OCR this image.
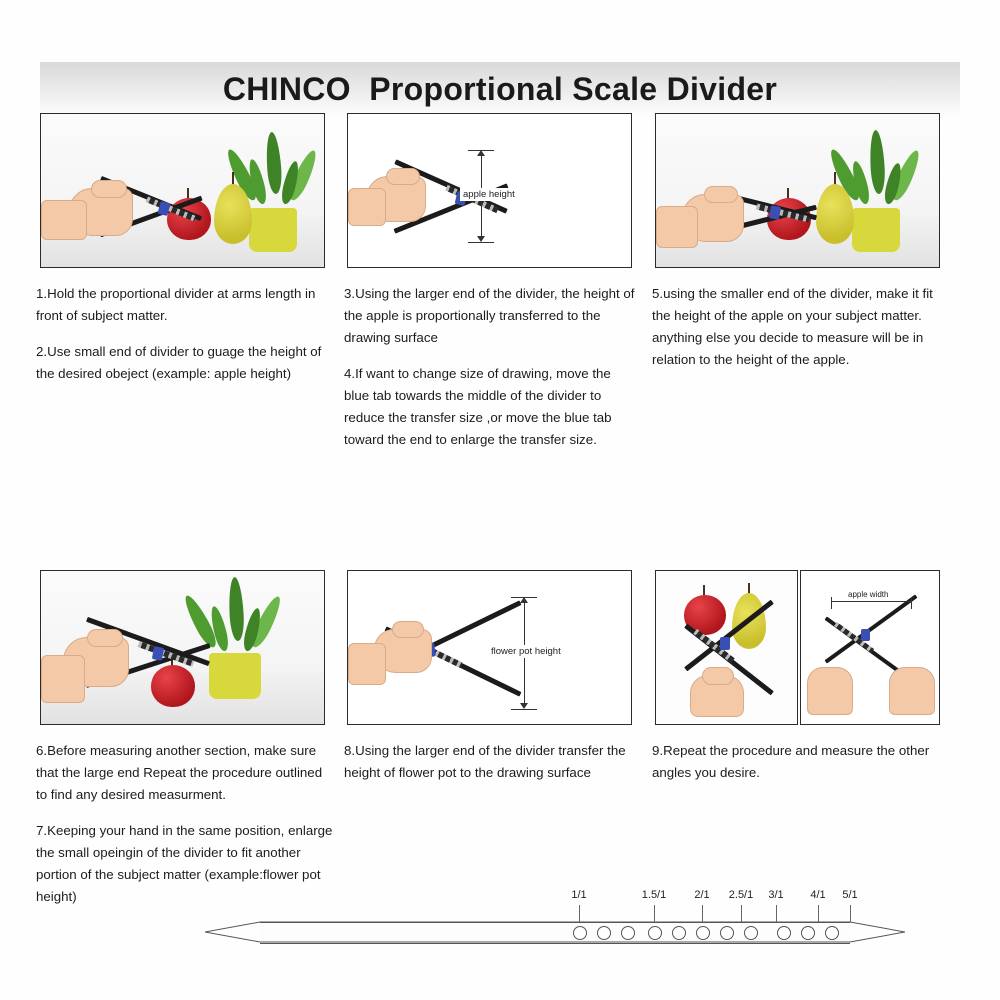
CHINCO  Proportional Scale Divider

1.Hold the proportional divider at arms length in front of subject matter.

2.Use small end of divider to guage the height of the desired obeject (example: apple height)

apple height

3.Using the larger end of the divider, the height of the apple is proportionally transferred to the drawing surface

4.If want to change size of drawing, move the blue tab towards the middle of the divider to reduce the transfer size ,or move the blue tab toward the end to enlarge the transfer size.

5.using the smaller end of the divider, make it fit the height of the apple on your subject matter. anything else you decide to measure will be in relation to the height of the apple.

6.Before measuring another section, make sure that the large end Repeat the procedure outlined to find any desired measurment.

7.Keeping your hand in the same position, enlarge the small opeingin of the divider to fit another portion of the subject matter (example:flower pot height)

flower pot height

8.Using the larger end of the divider transfer the height of flower pot to the drawing surface

apple width

9.Repeat the procedure and measure the other angles you desire.

1/1	1.5/1	2/1 2.5/1 3/1 4/1 5/1
